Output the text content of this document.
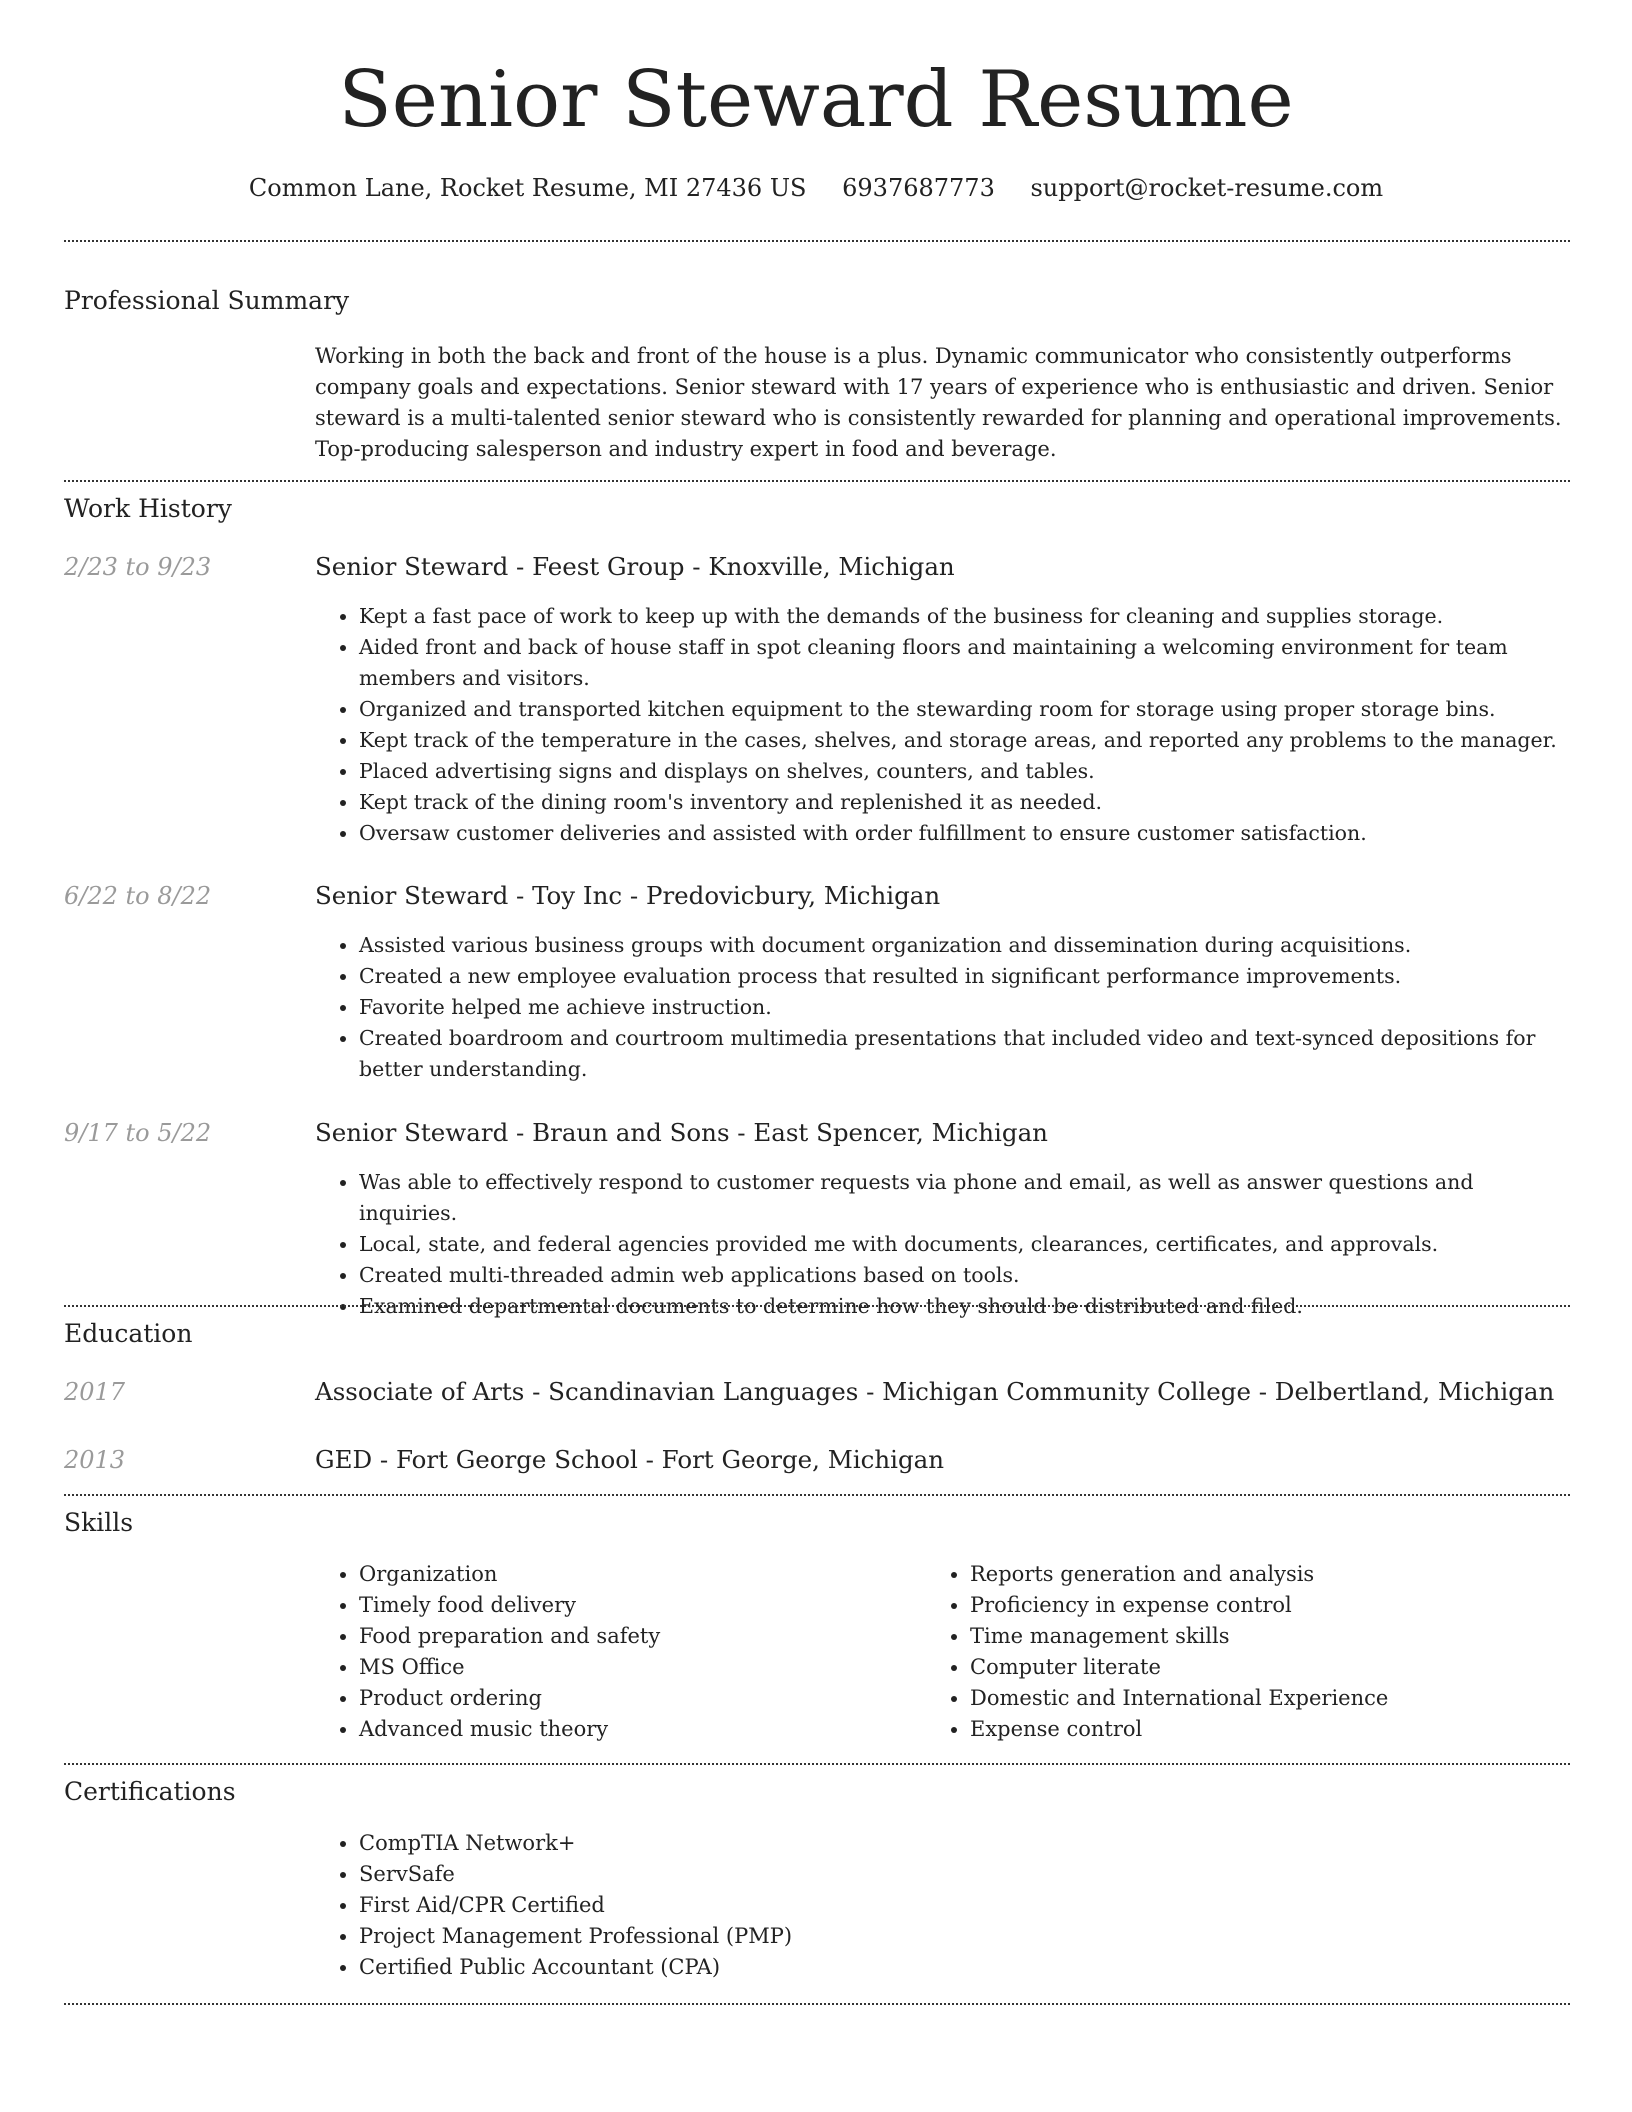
Senior Steward Resume
Common Lane, Rocket Resume, MI 27436 US 6937687773 support@rocket-resume.com
Professional Summary
Working in both the back and front of the house is a plus. Dynamic communicator who consistently outperforms company goals and expectations. Senior steward with 17 years of experience who is enthusiastic and driven. Senior steward is a multi-talented senior steward who is consistently rewarded for planning and operational improvements. Top-producing salesperson and industry expert in food and beverage.
Work History
2/23 to 9/23	Senior Steward - Feest Group - Knoxville, Michigan
• Kept a fast pace of work to keep up with the demands of the business for cleaning and supplies storage.
• Aided front and back of house staff in spot cleaning floors and maintaining a welcoming environment for team members and visitors.
• Organized and transported kitchen equipment to the stewarding room for storage using proper storage bins.
• Kept track of the temperature in the cases, shelves, and storage areas, and reported any problems to the manager.
• Placed advertising signs and displays on shelves, counters, and tables.
• Kept track of the dining room's inventory and replenished it as needed.
• Oversaw customer deliveries and assisted with order fulfillment to ensure customer satisfaction.
6/22 to 8/22	Senior Steward - Toy Inc - Predovicbury, Michigan
• Assisted various business groups with document organization and dissemination during acquisitions.
• Created a new employee evaluation process that resulted in significant performance improvements.
• Favorite helped me achieve instruction.
• Created boardroom and courtroom multimedia presentations that included video and text-synced depositions for better understanding.
9/17 to 5/22	Senior Steward - Braun and Sons - East Spencer, Michigan
• Was able to effectively respond to customer requests via phone and email, as well as answer questions and inquiries.
• Local, state, and federal agencies provided me with documents, clearances, certificates, and approvals.
• Created multi-threaded admin web applications based on tools.
• Examined departmental documents to determine how they should be distributed and filed.
Education
2017	Associate of Arts - Scandinavian Languages - Michigan Community College - Delbertland, Michigan
2013	GED - Fort George School - Fort George, Michigan
Skills
• Organization
• Timely food delivery
• Food preparation and safety
• MS Office
• Product ordering
• Advanced music theory
• Reports generation and analysis
• Proficiency in expense control
• Time management skills
• Computer literate
• Domestic and International Experience
• Expense control
Certifications
• CompTIA Network+
• ServSafe
• First Aid/CPR Certified
• Project Management Professional (PMP)
• Certified Public Accountant (CPA)
